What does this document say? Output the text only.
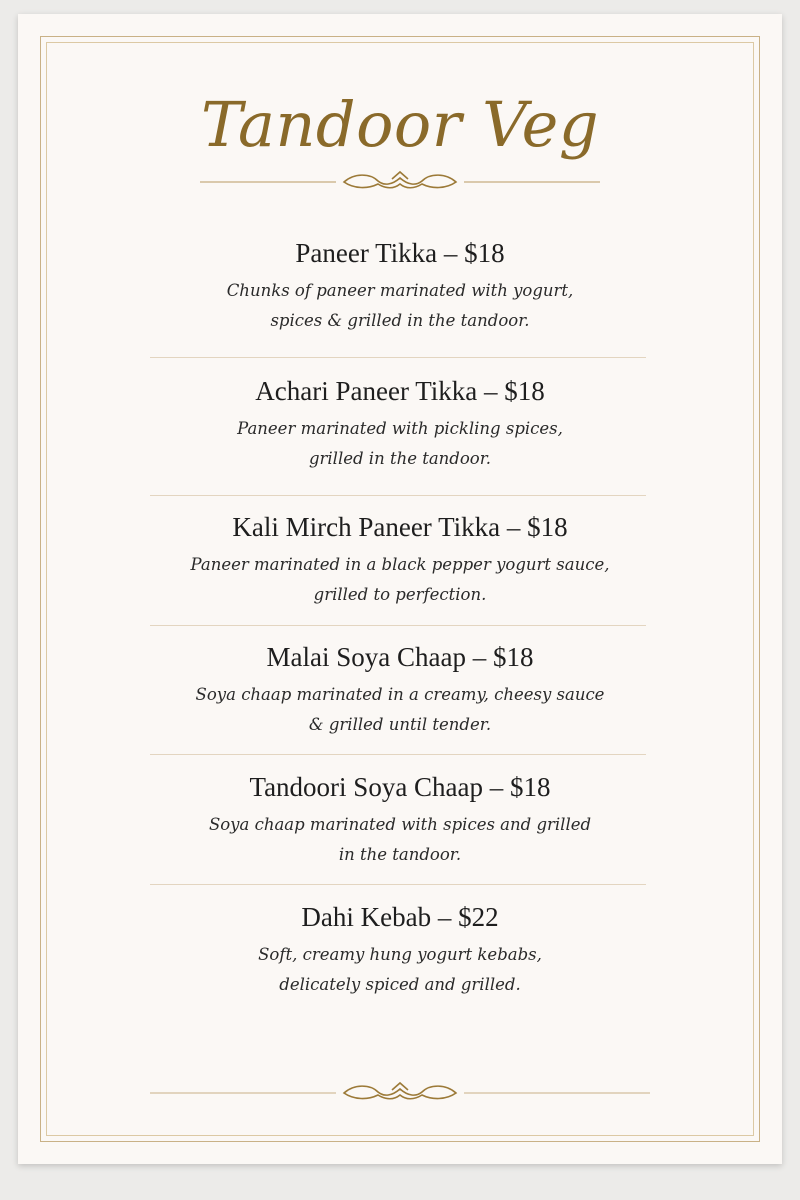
Tandoor Veg
Paneer Tikka – $18
Chunks of paneer marinated with yogurt,
spices & grilled in the tandoor.
Achari Paneer Tikka – $18
Paneer marinated with pickling spices,
grilled in the tandoor.
Kali Mirch Paneer Tikka – $18
Paneer marinated in a black pepper yogurt sauce,
grilled to perfection.
Malai Soya Chaap – $18
Soya chaap marinated in a creamy, cheesy sauce
& grilled until tender.
Tandoori Soya Chaap – $18
Soya chaap marinated with spices and grilled
in the tandoor.
Dahi Kebab – $22
Soft, creamy hung yogurt kebabs,
delicately spiced and grilled.
